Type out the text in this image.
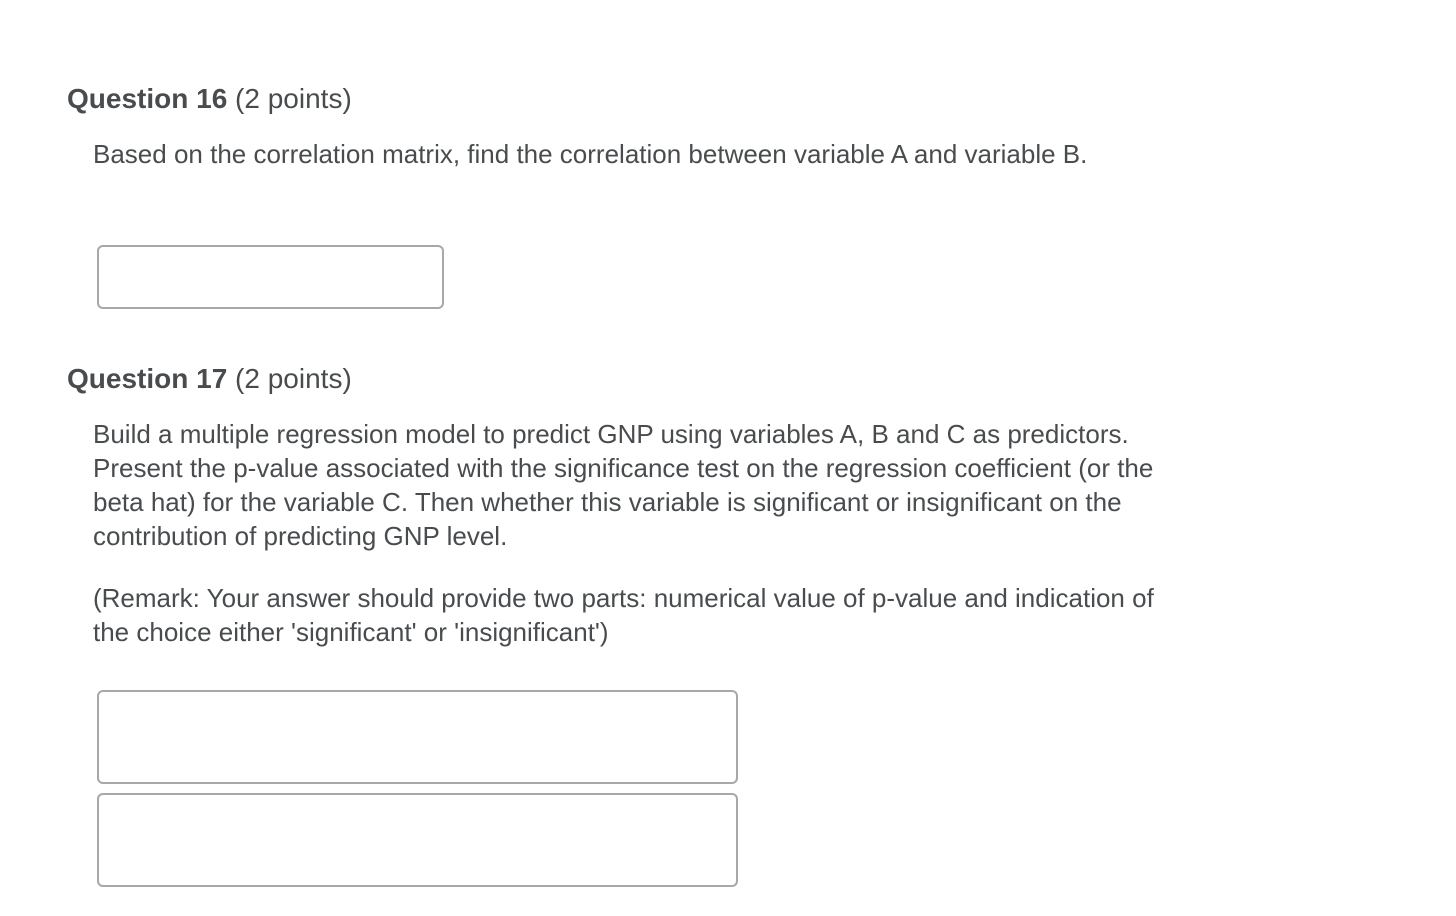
Question 16 (2 points)

Based on the correlation matrix, find the correlation between variable A and variable B.

Question 17 (2 points)

Build a multiple regression model to predict GNP using variables A, B and C as predictors. Present the p-value associated with the significance test on the regression coefficient (or the beta hat) for the variable C. Then whether this variable is significant or insignificant on the contribution of predicting GNP level.

(Remark: Your answer should provide two parts: numerical value of p-value and indication of the choice either 'significant' or 'insignificant')
